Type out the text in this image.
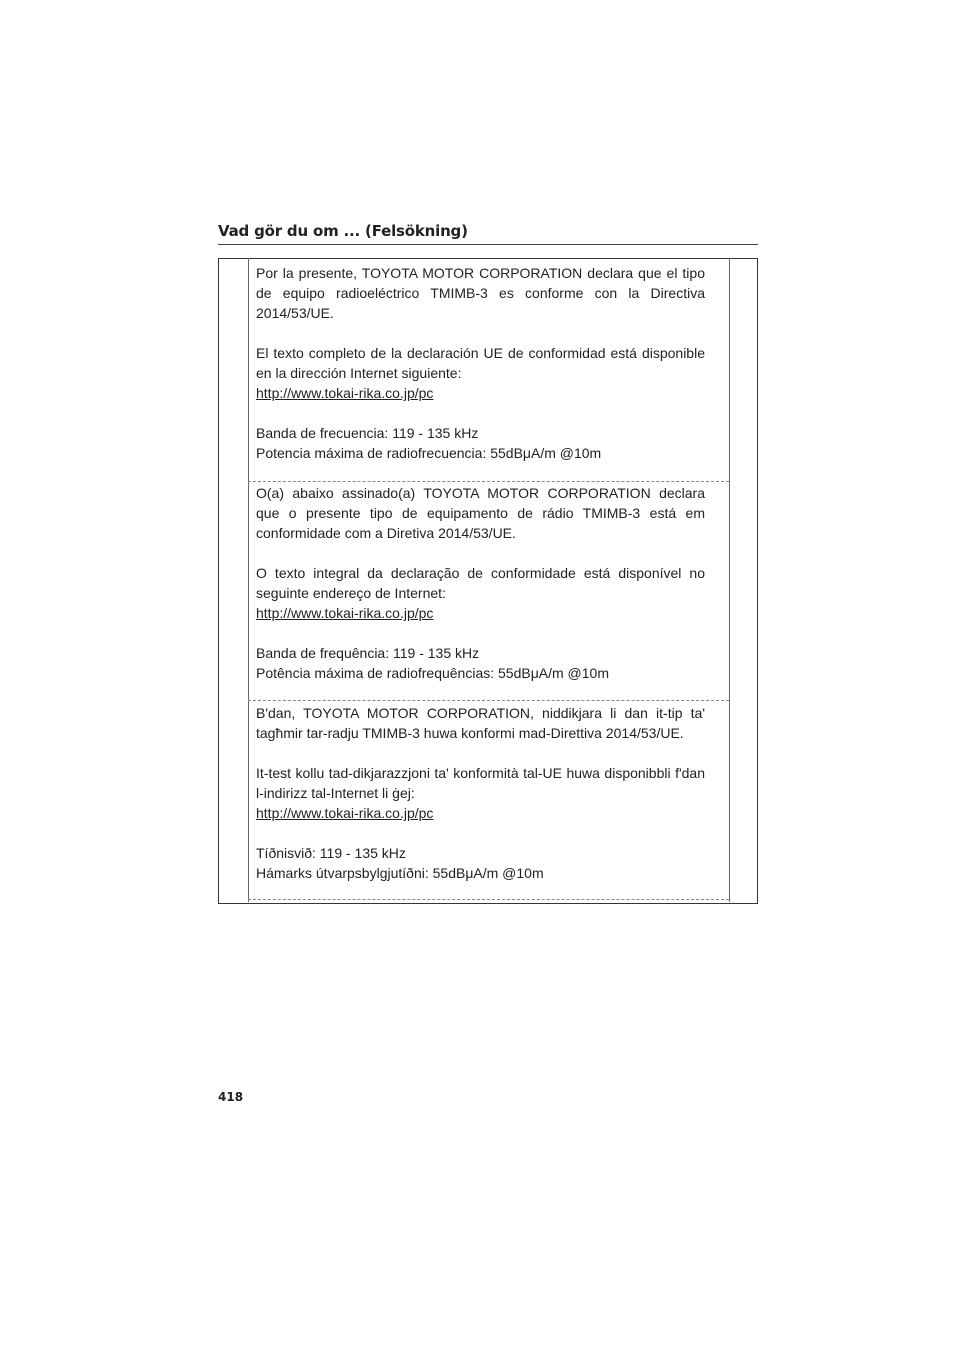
Vad gör du om ... (Felsökning)

Por la presente, TOYOTA MOTOR CORPORATION declara que el tipo de equipo radioeléctrico TMIMB-3 es conforme con la Directiva 2014/53/UE.

El texto completo de la declaración UE de conformidad está disponible en la dirección Internet siguiente:
http://www.tokai-rika.co.jp/pc

Banda de frecuencia: 119 - 135 kHz
Potencia máxima de radiofrecuencia: 55dBμA/m @10m

O(a) abaixo assinado(a) TOYOTA MOTOR CORPORATION declara que o presente tipo de equipamento de rádio TMIMB-3 está em conformidade com a Diretiva 2014/53/UE.

O texto integral da declaração de conformidade está disponível no seguinte endereço de Internet:
http://www.tokai-rika.co.jp/pc

Banda de frequência: 119 - 135 kHz
Potência máxima de radiofrequências: 55dBμA/m @10m

B'dan, TOYOTA MOTOR CORPORATION, niddikjara li dan it-tip ta' tagħmir tar-radju TMIMB-3 huwa konformi mad-Direttiva 2014/53/UE.

It-test kollu tad-dikjarazzjoni ta' konformità tal-UE huwa disponibbli f'dan l-indirizz tal-Internet li ġej:
http://www.tokai-rika.co.jp/pc

Tíðnisvið: 119 - 135 kHz
Hámarks útvarpsbylgjutíðni: 55dBμA/m @10m

418
